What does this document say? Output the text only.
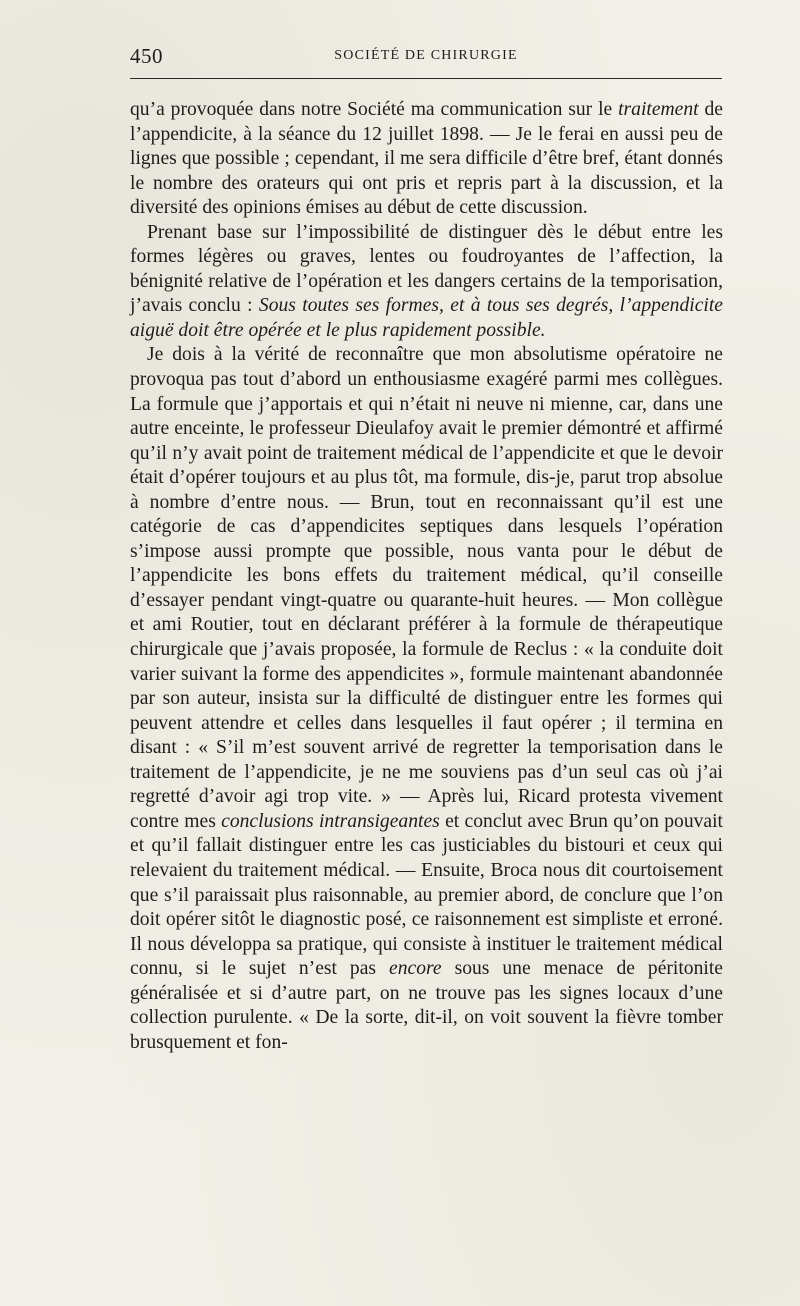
450	SOCIÉTÉ DE CHIRURGIE

qu’a provoquée dans notre Société ma communication sur le traitement de l’appendicite, à la séance du 12 juillet 1898. — Je le ferai en aussi peu de lignes que possible ; cependant, il me sera difficile d’être bref, étant donnés le nombre des orateurs qui ont pris et repris part à la discussion, et la diversité des opinions émises au début de cette discussion.

Prenant base sur l’impossibilité de distinguer dès le début entre les formes légères ou graves, lentes ou foudroyantes de l’affection, la bénignité relative de l’opération et les dangers certains de la temporisation, j’avais conclu : Sous toutes ses formes, et à tous ses degrés, l’appendicite aiguë doit être opérée et le plus rapidement possible.

Je dois à la vérité de reconnaître que mon absolutisme opératoire ne provoqua pas tout d’abord un enthousiasme exagéré parmi mes collègues. La formule que j’apportais et qui n’était ni neuve ni mienne, car, dans une autre enceinte, le professeur Dieulafoy avait le premier démontré et affirmé qu’il n’y avait point de traitement médical de l’appendicite et que le devoir était d’opérer toujours et au plus tôt, ma formule, dis-je, parut trop absolue à nombre d’entre nous. — Brun, tout en reconnaissant qu’il est une catégorie de cas d’appendicites septiques dans lesquels l’opération s’impose aussi prompte que possible, nous vanta pour le début de l’appendicite les bons effets du traitement médical, qu’il conseille d’essayer pendant vingt-quatre ou quarante-huit heures. — Mon collègue et ami Routier, tout en déclarant préférer à la formule de thérapeutique chirurgicale que j’avais proposée, la formule de Reclus : « la conduite doit varier suivant la forme des appendicites », formule maintenant abandonnée par son auteur, insista sur la difficulté de distinguer entre les formes qui peuvent attendre et celles dans lesquelles il faut opérer ; il termina en disant : « S’il m’est souvent arrivé de regretter la temporisation dans le traitement de l’appendicite, je ne me souviens pas d’un seul cas où j’ai regretté d’avoir agi trop vite. » — Après lui, Ricard protesta vivement contre mes conclusions intransigeantes et conclut avec Brun qu’on pouvait et qu’il fallait distinguer entre les cas justiciables du bistouri et ceux qui relevaient du traitement médical. — Ensuite, Broca nous dit courtoisement que s’il paraissait plus raisonnable, au premier abord, de conclure que l’on doit opérer sitôt le diagnostic posé, ce raisonnement est simpliste et erroné. Il nous développa sa pratique, qui consiste à instituer le traitement médical connu, si le sujet n’est pas encore sous une menace de péritonite généralisée et si d’autre part, on ne trouve pas les signes locaux d’une collection purulente. « De la sorte, dit-il, on voit souvent la fièvre tomber brusquement et fon-
